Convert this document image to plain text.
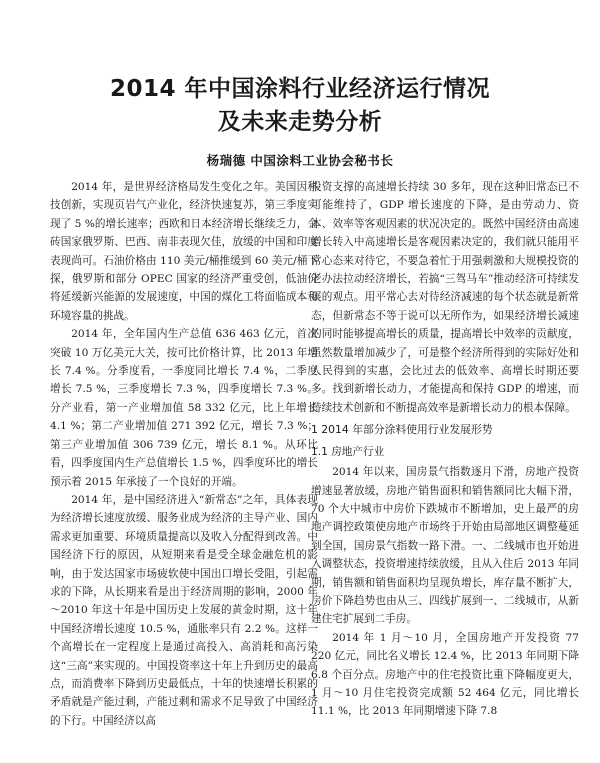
2014 年中国涂料行业经济运行情况
及未来走势分析

杨瑞德 中国涂料工业协会秘书长

2014 年，是世界经济格局发生变化之年。美国因科技创新，实现页岩气产业化，经济快速复苏，第三季度实现了 5 %的增长速率；西欧和日本经济增长继续乏力，金砖国家俄罗斯、巴西、南非表现欠佳，放缓的中国和印度表现尚可。石油价格由 110 美元/桶推缓到 60 美元/桶下探，俄罗斯和部分 OPEC 国家的经济严重受创，低油价将延缓新兴能源的发展速度，中国的煤化工将面临成本和环境容量的挑战。

2014 年，全年国内生产总值 636 463 亿元，首次突破 10 万亿美元大关，按可比价格计算，比 2013 年增长 7.4 %。分季度看，一季度同比增长 7.4 %，二季度增长 7.5 %，三季度增长 7.3 %，四季度增长 7.3 %。分产业看，第一产业增加值 58 332 亿元，比上年增长 4.1 %；第二产业增加值 271 392 亿元，增长 7.3 %；第三产业增加值 306 739 亿元，增长 8.1 %。从环比看，四季度国内生产总值增长 1.5 %，四季度环比的增长预示着 2015 年承接了一个良好的开端。

2014 年，是中国经济进入“新常态”之年，具体表现为经济增长速度放缓、服务业成为经济的主导产业、国内需求更加重要、环境质量提高以及收入分配得到改善。中国经济下行的原因，从短期来看是受全球金融危机的影响，由于发达国家市场疲软使中国出口增长受阻，引起需求的下降，从长期来看是出于经济周期的影响，2000 年～2010 年这十年是中国历史上发展的黄金时期，这十年中国经济增长速度 10.5 %，通胀率只有 2.2 %。这样一个高增长在一定程度上是通过高投入、高消耗和高污染这“三高”来实现的。中国投资率这十年上升到历史的最高点，而消费率下降到历史最低点，十年的快速增长积累的矛盾就是产能过剩，产能过剩和需求不足导致了中国经济的下行。中国经济以高

投资支撑的高速增长持续 30 多年，现在这种旧常态已不可能维持了，GDP 增长速度的下降，是由劳动力、资本、效率等客观因素的状况决定的。既然中国经济由高速增长转入中高速增长是客观因素决定的，我们就只能用平常心态来对待它，不要急着忙于用强刺激和大规模投资的老办法拉动经济增长，若搞“三驾马车”推动经济可持续发展的观点。用平常心去对待经济减速的每个状态就是新常态，但新常态不等于说可以无所作为，如果经济增长减速的同时能够提高增长的质量，提高增长中效率的贡献度，虽然数量增加减少了，可是整个经济所得到的实际好处和人民得到的实惠，会比过去的低效率、高增长时期还要多。找到新增长动力，才能提高和保持 GDP 的增速，而持续技术创新和不断提高效率是新增长动力的根本保障。

1 2014 年部分涂料使用行业发展形势
1.1 房地产行业

2014 年以来，国房景气指数逐月下滑，房地产投资增速显著放缓，房地产销售面积和销售额同比大幅下滑，70 个大中城市中房价下跌城市不断增加，史上最严的房地产调控政策使房地产市场终于开始由局部地区调整蔓延到全国，国房景气指数一路下滑。一、二线城市也开始进入调整状态，投资增速持续放缓，且从入住后 2013 年同期，销售额和销售面积均呈现负增长，库存量不断扩大，房价下降趋势也由从三、四线扩展到一、二线城市，从新建住宅扩展到二手房。

2014 年 1 月～10 月，全国房地产开发投资 77 220 亿元，同比名义增长 12.4 %，比 2013 年同期下降 6.8 个百分点。房地产中的住宅投资比重下降幅度更大，1 月～10 月住宅投资完成额 52 464 亿元，同比增长 11.1 %，比 2013 年同期增速下降 7.8
